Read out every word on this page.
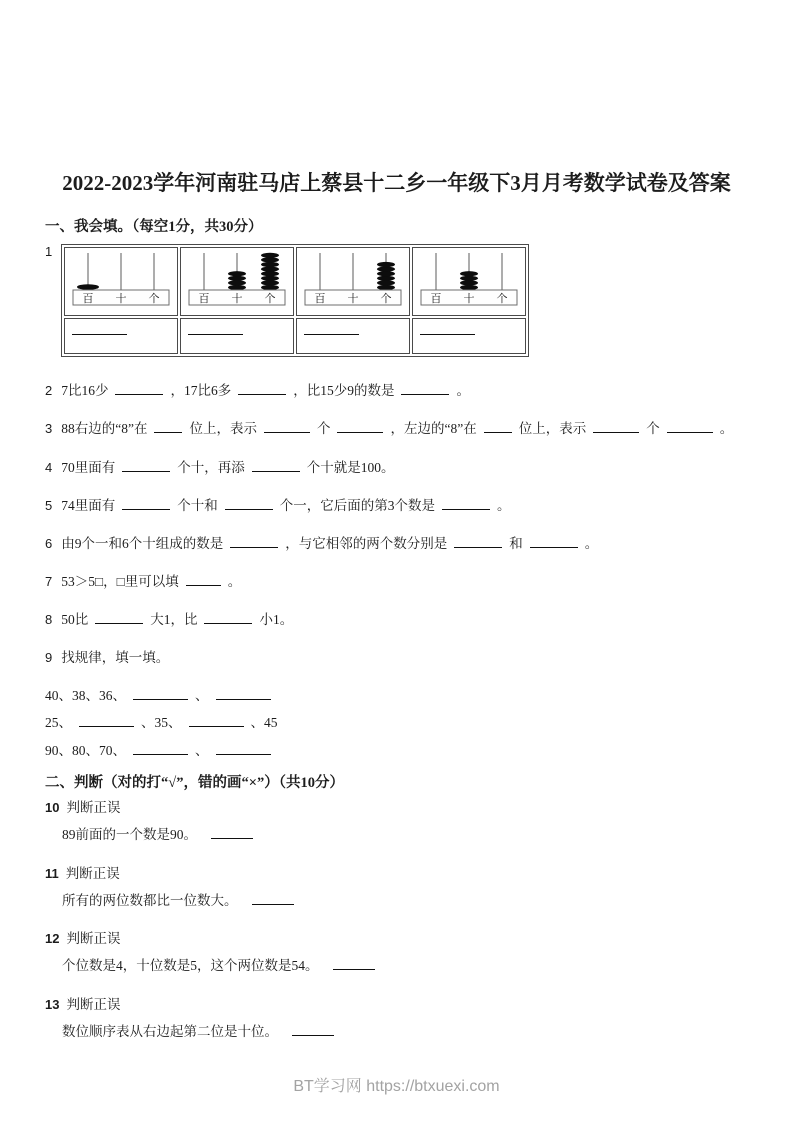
2022-2023学年河南驻马店上蔡县十二乡一年级下3月月考数学试卷及答案
一、我会填。（每空1分，共30分）
1
百 十 个	百 十 个	百 十 个	百 十 个

2 7比16少	，17比6多	，比15少9的数是	。
3 88右边的“8”在	位上，表示	个	，左边的“8”在	位上，表示	个	。
4 70里面有	个十，再添	个十就是100。
5 74里面有	个十和	个一，它后面的第3个数是	。
6 由9个一和6个十组成的数是	，与它相邻的两个数分别是	和	。
7 53＞5□，□里可以填	。
8 50比	大1，比	小1。
9 找规律，填一填。
40、38、36、	、
25、	、35、	、45
90、80、70、	、
二、判断（对的打“√”，错的画“×”）（共10分）
10 判断正误
89前面的一个数是90。
11 判断正误
所有的两位数都比一位数大。
12 判断正误
个位数是4，十位数是5，这个两位数是54。
13 判断正误
数位顺序表从右边起第二位是十位。
BT学习网 https://btxuexi.com
